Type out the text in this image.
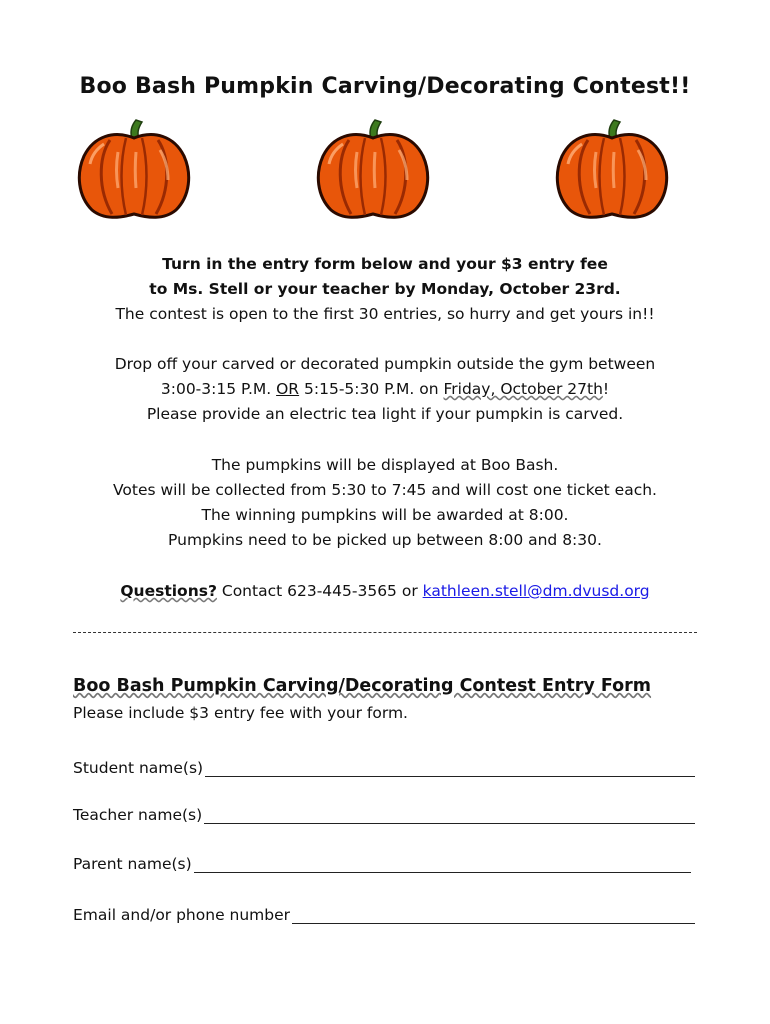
Boo Bash Pumpkin Carving/Decorating Contest!!
Turn in the entry form below and your $3 entry fee
to Ms. Stell or your teacher by Monday, October 23rd.
The contest is open to the first 30 entries, so hurry and get yours in!!
Drop off your carved or decorated pumpkin outside the gym between
3:00-3:15 P.M. OR 5:15-5:30 P.M. on Friday, October 27th!
Please provide an electric tea light if your pumpkin is carved.
The pumpkins will be displayed at Boo Bash.
Votes will be collected from 5:30 to 7:45 and will cost one ticket each.
The winning pumpkins will be awarded at 8:00.
Pumpkins need to be picked up between 8:00 and 8:30.
Questions? Contact 623-445-3565 or kathleen.stell@dm.dvusd.org
Boo Bash Pumpkin Carving/Decorating Contest Entry Form
Please include $3 entry fee with your form.
Student name(s)
Teacher name(s)
Parent name(s)
Email and/or phone number
